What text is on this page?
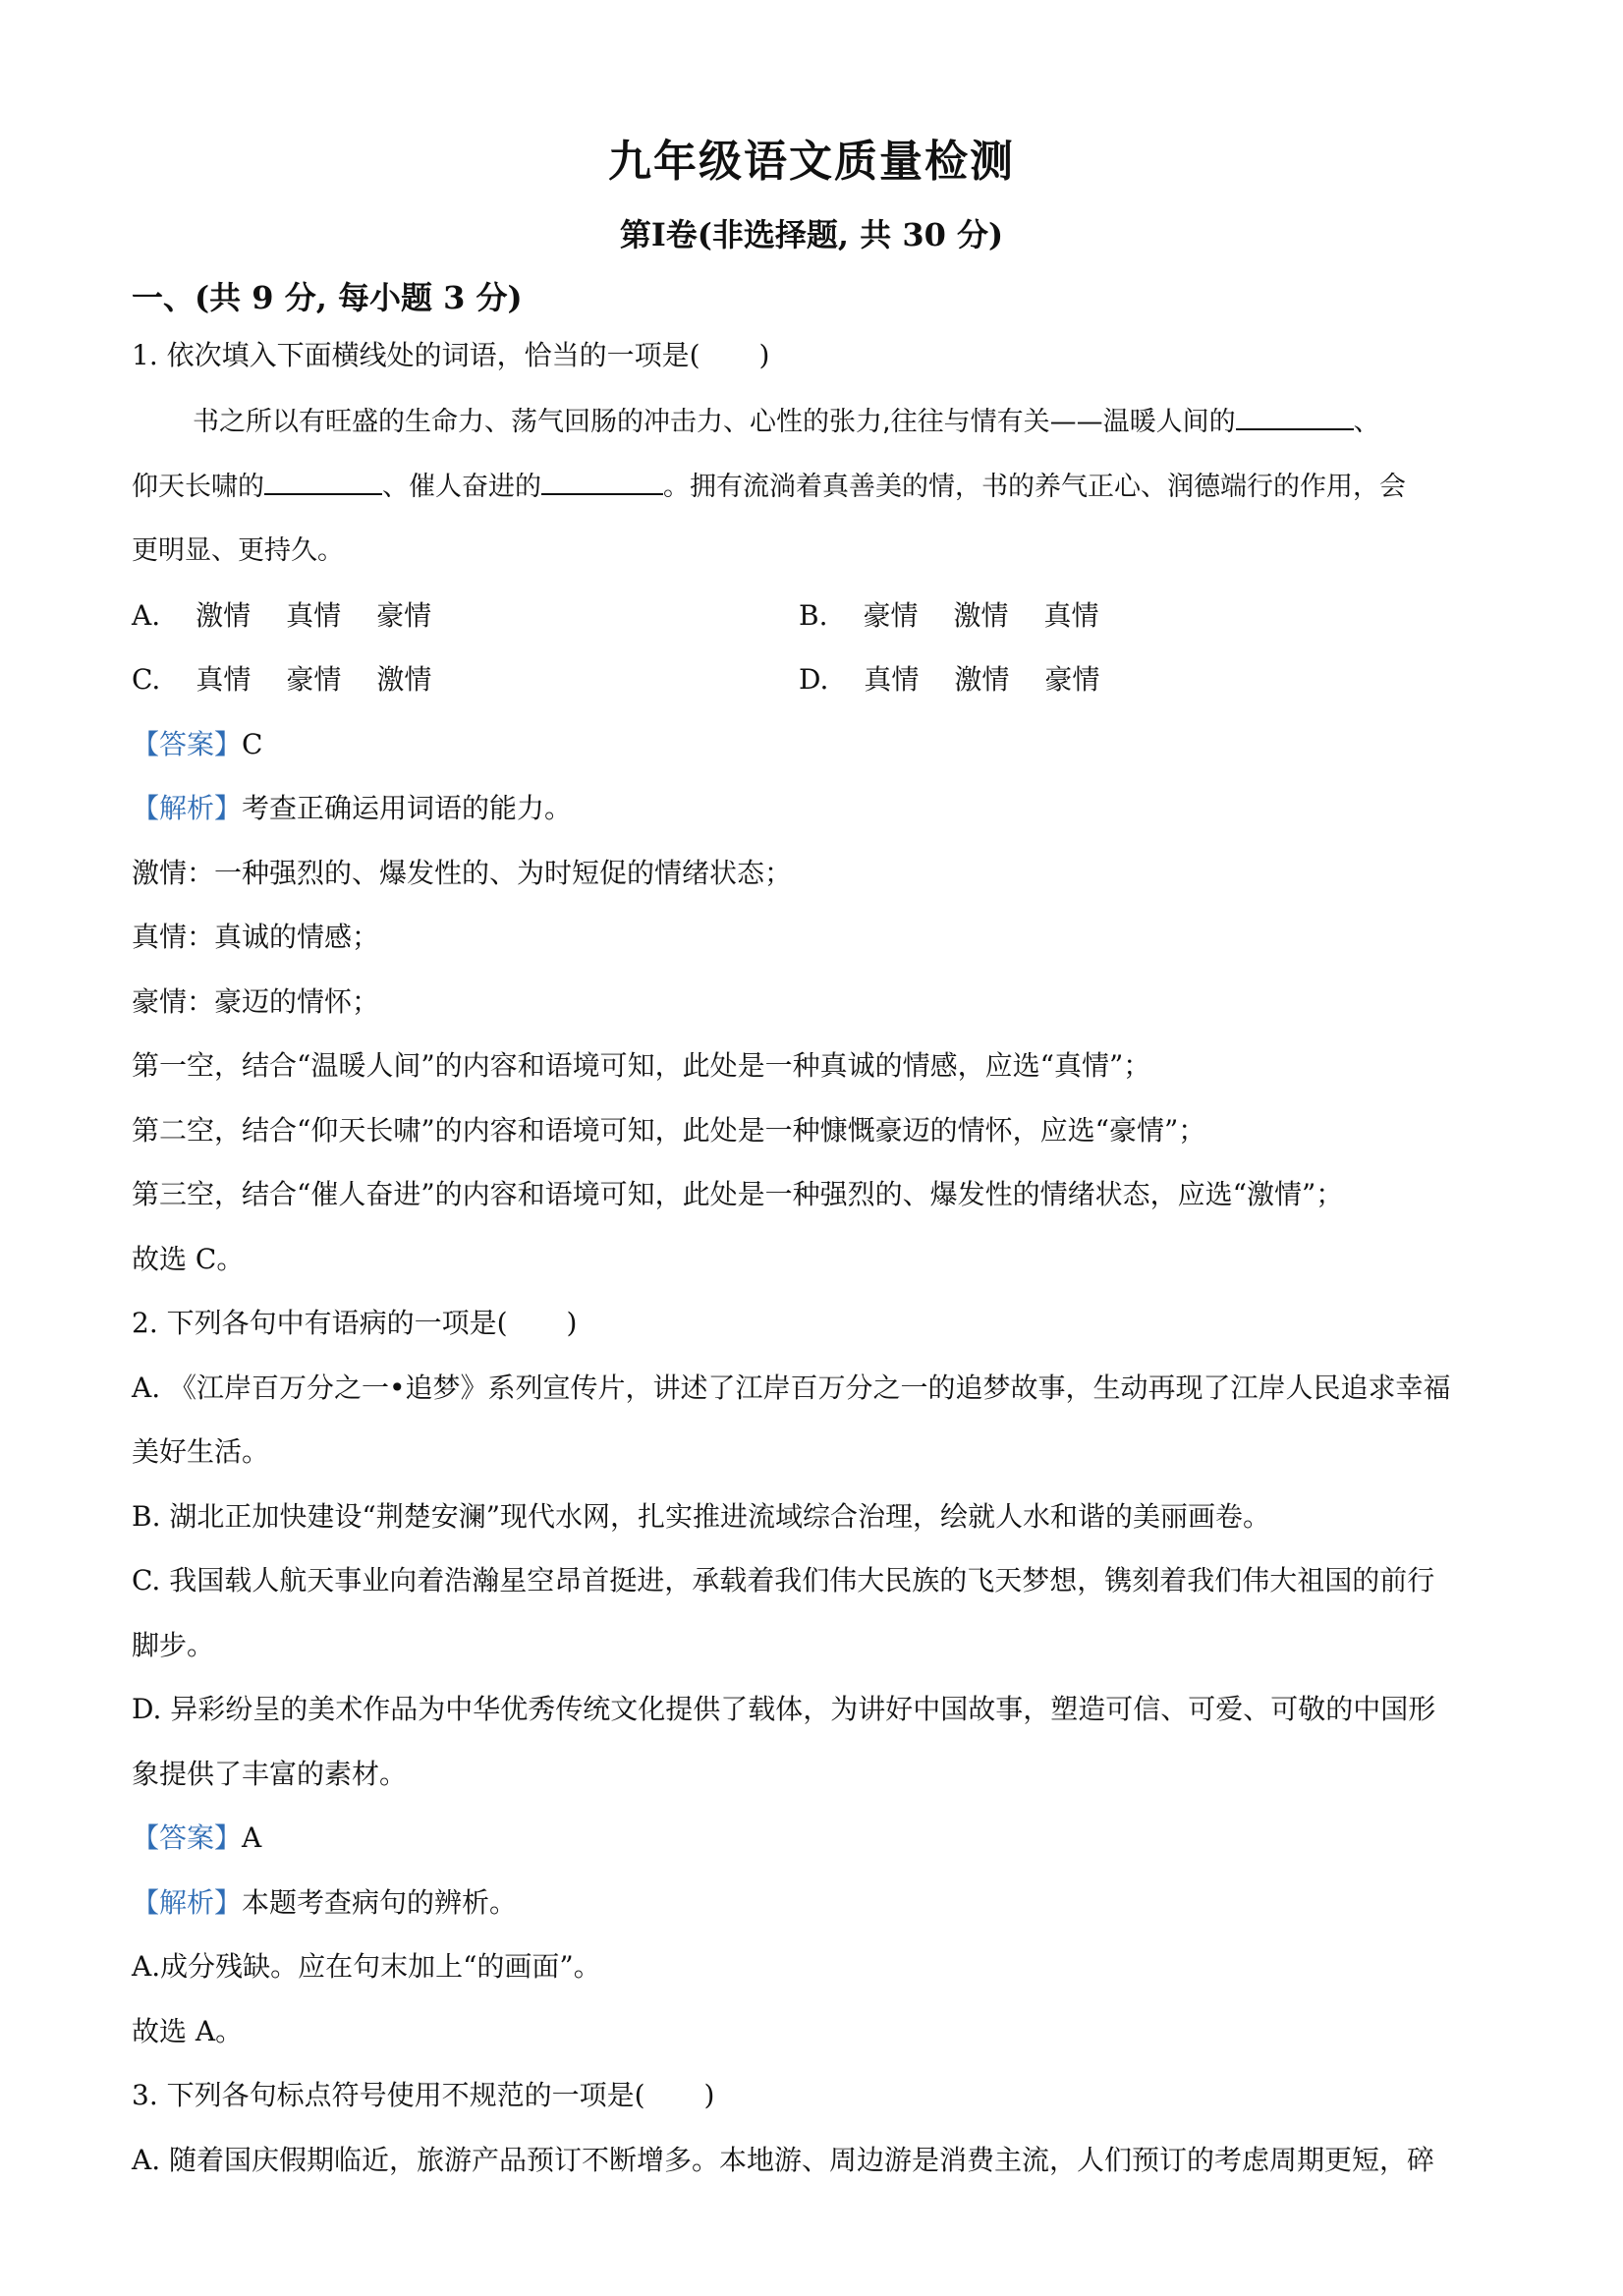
九年级语文质量检测
第Ⅰ卷(非选择题, 共 30 分)
一、(共 9 分, 每小题 3 分)
1. 依次填入下面横线处的词语，恰当的一项是( )
书之所以有旺盛的生命力、荡气回肠的冲击力、心性的张力,往往与情有关——温暖人间的	、
仰天长啸的	、催人奋进的	。拥有流淌着真善美的情，书的养气正心、润德端行的作用，会
更明显、更持久。
A. 激情 真情 豪情	B. 豪情 激情 真情
C. 真情 豪情 激情	D. 真情 激情 豪情
【答案】C
【解析】考查正确运用词语的能力。
激情：一种强烈的、爆发性的、为时短促的情绪状态；
真情：真诚的情感；
豪情：豪迈的情怀；
第一空，结合“温暖人间”的内容和语境可知，此处是一种真诚的情感，应选“真情”；
第二空，结合“仰天长啸”的内容和语境可知，此处是一种慷慨豪迈的情怀，应选“豪情”；
第三空，结合“催人奋进”的内容和语境可知，此处是一种强烈的、爆发性的情绪状态，应选“激情”；
故选 C。
2. 下列各句中有语病的一项是( )
A. 《江岸百万分之一•追梦》系列宣传片，讲述了江岸百万分之一的追梦故事，生动再现了江岸人民追求幸福
美好生活。
B. 湖北正加快建设“荆楚安澜”现代水网，扎实推进流域综合治理，绘就人水和谐的美丽画卷。
C. 我国载人航天事业向着浩瀚星空昂首挺进，承载着我们伟大民族的飞天梦想，镌刻着我们伟大祖国的前行
脚步。
D. 异彩纷呈的美术作品为中华优秀传统文化提供了载体，为讲好中国故事，塑造可信、可爱、可敬的中国形
象提供了丰富的素材。
【答案】A
【解析】本题考查病句的辨析。
A.成分残缺。应在句末加上“的画面”。
故选 A。
3. 下列各句标点符号使用不规范的一项是( )
A. 随着国庆假期临近，旅游产品预订不断增多。本地游、周边游是消费主流，人们预订的考虑周期更短，碎
